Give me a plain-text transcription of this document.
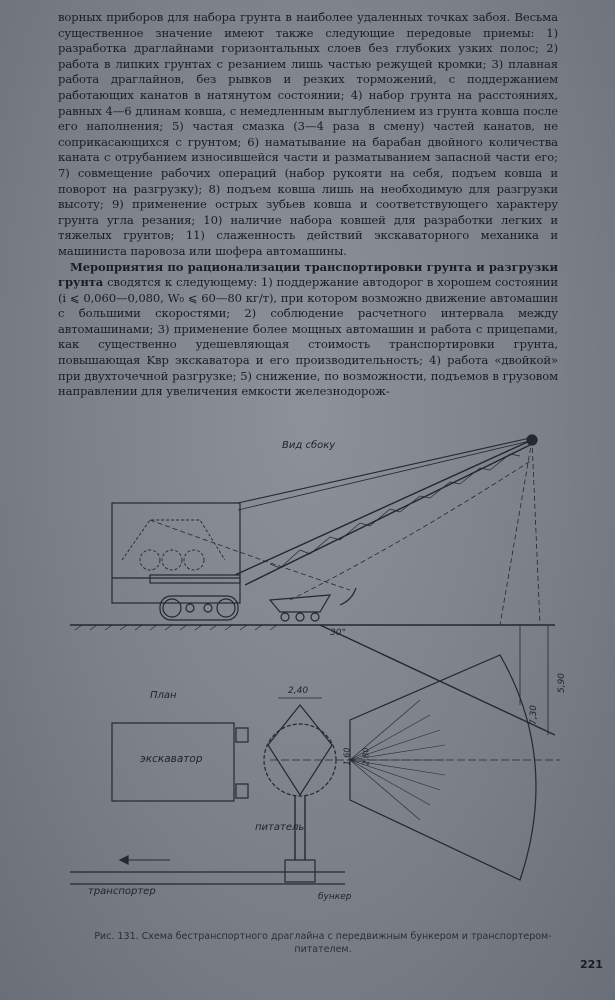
ворных приборов для набора грунта в наиболее удаленных точках забоя. Весьма существенное значение имеют также следующие передовые приемы: 1) разработка драглайнами горизонтальных слоев без глубоких узких полос; 2) работа в липких грунтах с резанием лишь частью режущей кромки; 3) плавная работа драглайнов, без рывков и резких торможений, с поддержанием работающих канатов в натянутом состоянии; 4) набор грунта на расстояниях, равных 4—6 длинам ковша, с немедленным выглублением из грунта ковша после его наполнения; 5) частая смазка (3—4 раза в смену) частей канатов, не соприкасающихся с грунтом; 6) наматывание на барабан двойного количества каната с отрубанием износившейся части и разматыванием запасной части его; 7) совмещение рабочих операций (набор рукояти на себя, подъем ковша и поворот на разгрузку); 8) подъем ковша лишь на необходимую для разгрузки высоту; 9) применение острых зубьев ковша и соответствующего характеру грунта угла резания; 10) наличие набора ковшей для разработки легких и тяжелых грунтов; 11) слаженность действий экскаваторного механика и машиниста паровоза или шофера автомашины.

Мероприятия по рационализации транспортировки грунта и разгрузки грунта сводятся к следующему: 1) поддержание автодорог в хорошем состоянии (i ⩽ 0,060—0,080, W₀ ⩽ 60—80 кг/т), при котором возможно движение автомашин с большими скоростями; 2) соблюдение расчетного интервала между автомашинами; 3) применение более мощных автомашин и работа с прицепами, как существенно удешевляющая стоимость транспортировки грунта, повышающая Kвр экскаватора и его производительность; 4) работа «двойкой» при двухточечной разгрузке; 5) снижение, по возможности, подъемов в грузовом направлении для увеличения емкости железнодорож-

Вид сбоку
План
экскаватор
питатель
транспортер	бункер
2,40	5,90
7,30
30°
1,60 2,80
Рис. 131. Схема бестранспортного драглайна с передвижным бункером и транспортером-питателем.
221
